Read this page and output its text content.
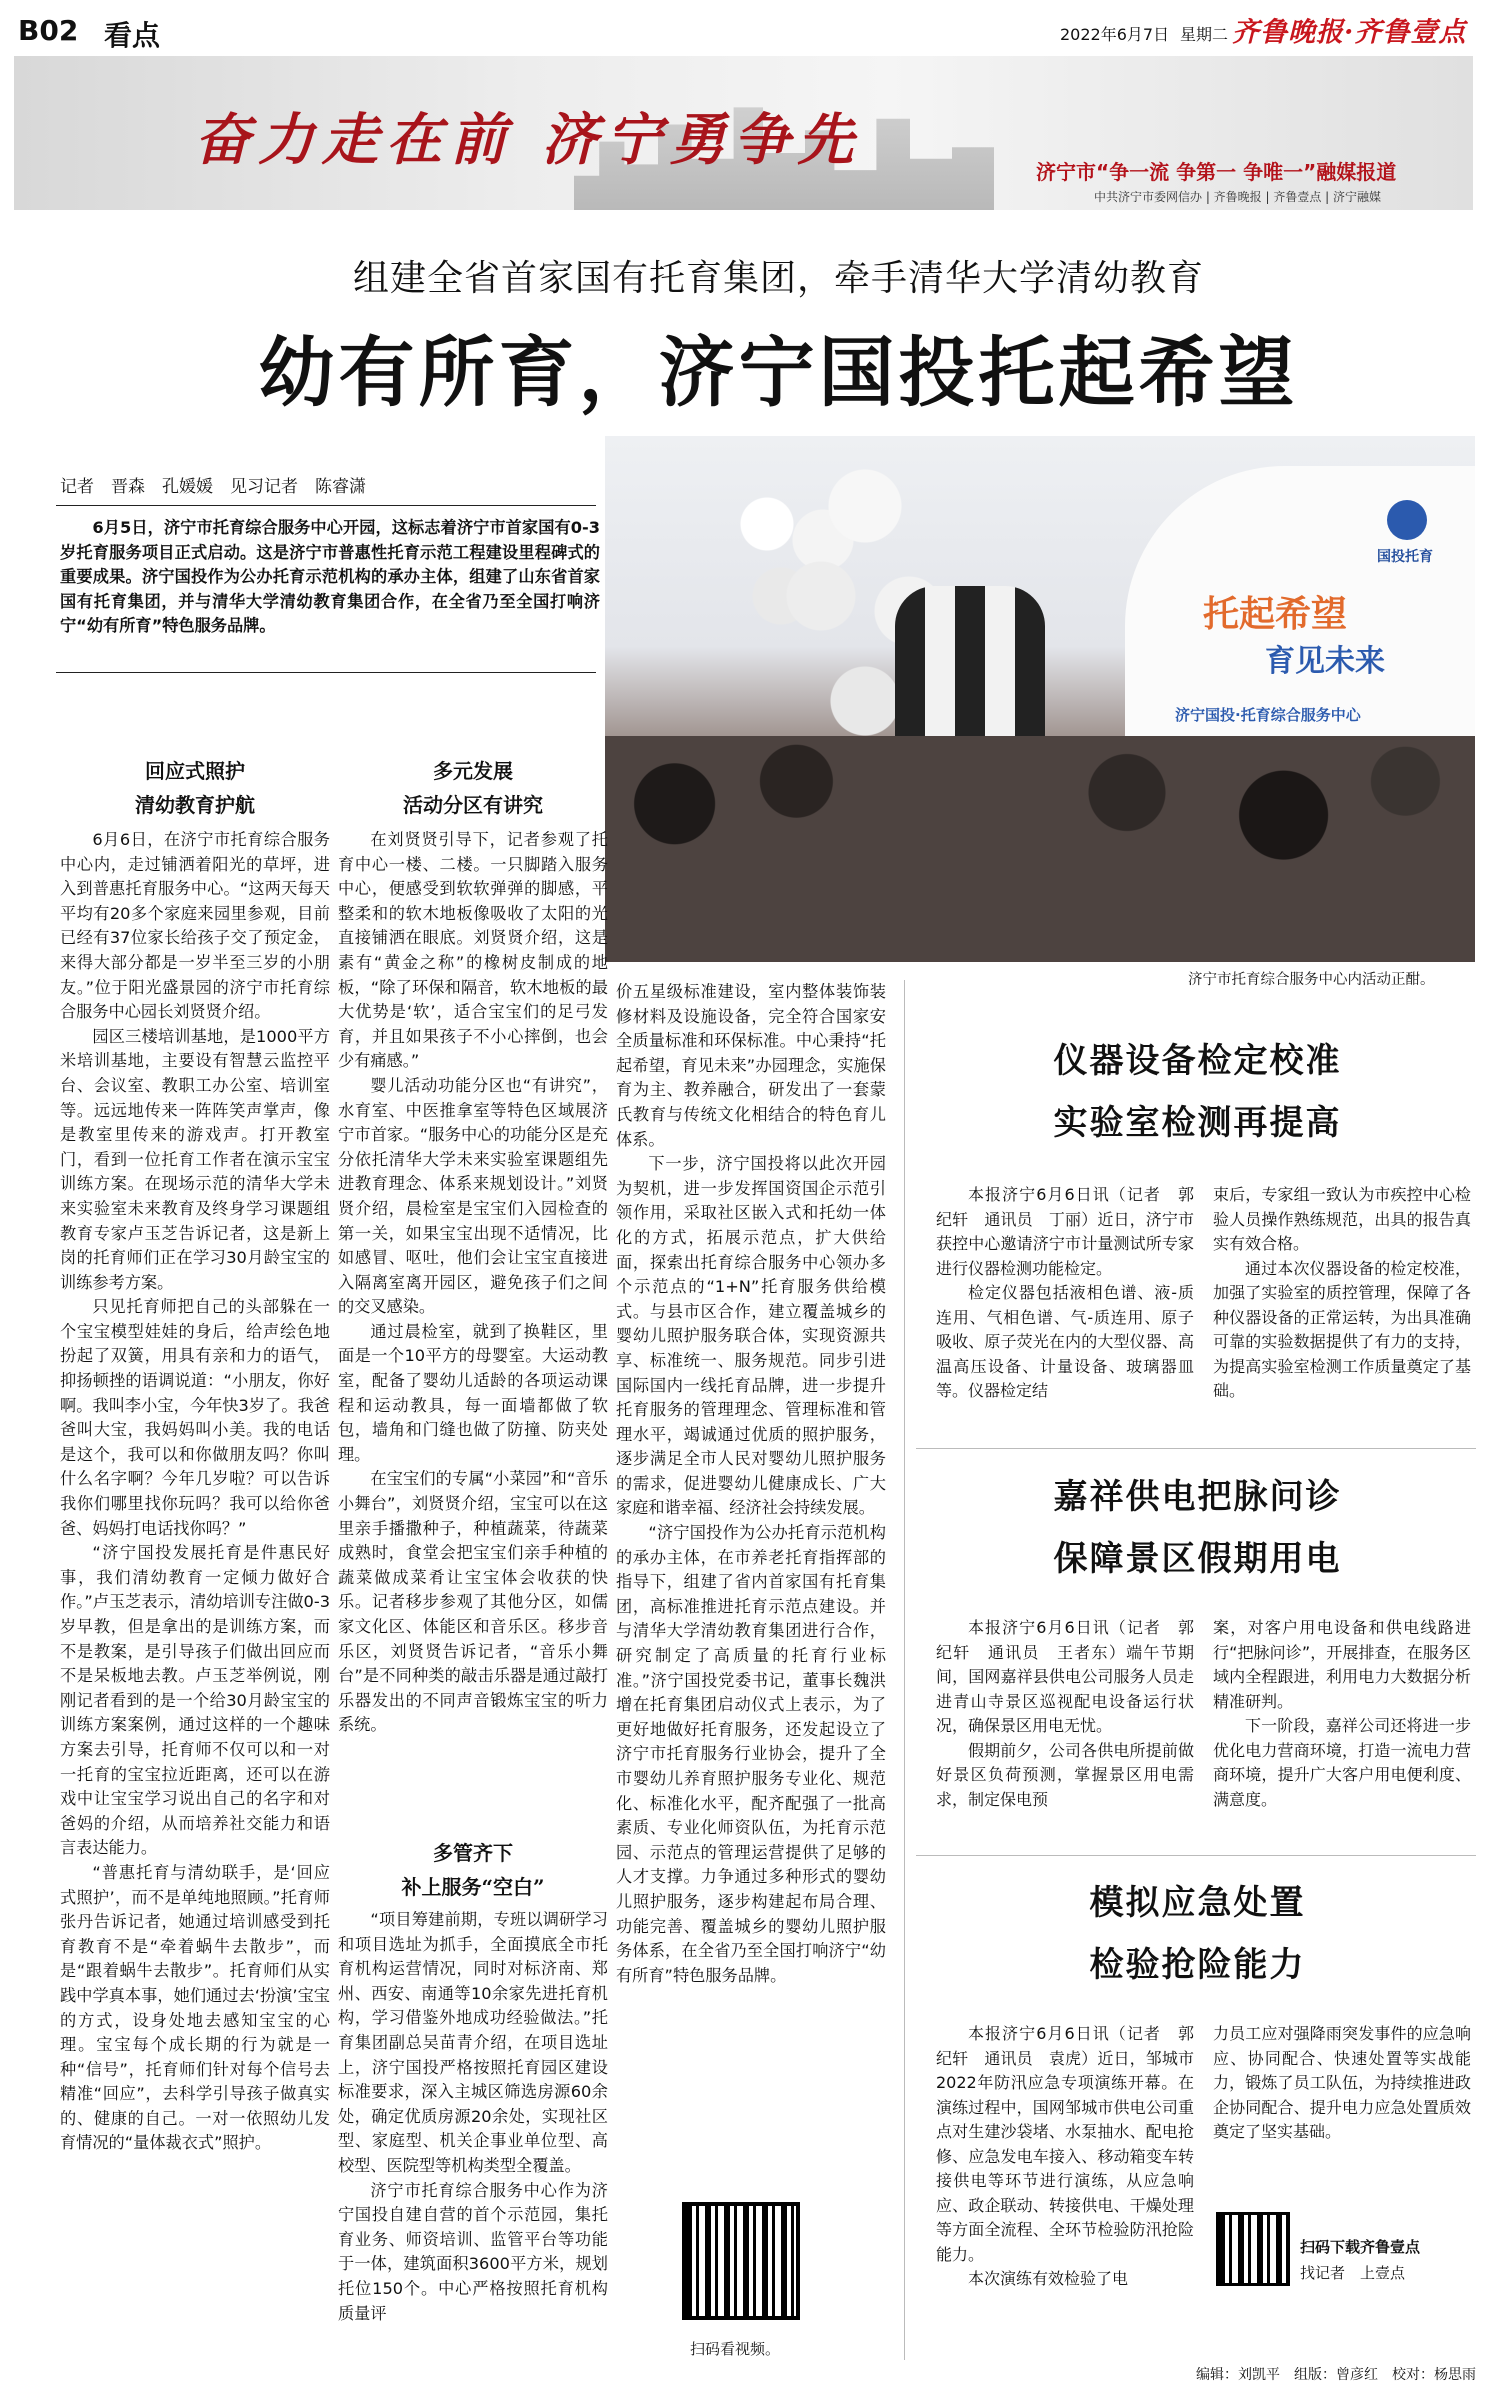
B02 看点	2022年6月7日 星期二 齐鲁晚报·齐鲁壹点
奋力走在前 济宁勇争先	济宁市“争一流 争第一 争唯一”融媒报道
中共济宁市委网信办 | 齐鲁晚报 | 齐鲁壹点 | 济宁融媒
组建全省首家国有托育集团，牵手清华大学清幼教育
幼有所育，济宁国投托起希望
记者　晋森　孔媛媛　见习记者　陈睿潇
6月5日，济宁市托育综合服务中心开园，这标志着济宁市首家国有0-3岁托育服务项目正式启动。这是济宁市普惠性托育示范工程建设里程碑式的重要成果。济宁国投作为公办托育示范机构的承办主体，组建了山东省首家国有托育集团，并与清华大学清幼教育集团合作，在全省乃至全国打响济宁“幼有所育”特色服务品牌。
国投托育
托起希望
育见未来
济宁国投·托育综合服务中心
济宁市托育综合服务中心内活动正酣。
回应式照护
清幼教育护航

6月6日，在济宁市托育综合服务中心内，走过铺洒着阳光的草坪，进入到普惠托育服务中心。“这两天每天平均有20多个家庭来园里参观，目前已经有37位家长给孩子交了预定金，来得大部分都是一岁半至三岁的小朋友。”位于阳光盛景园的济宁市托育综合服务中心园长刘贤贤介绍。

园区三楼培训基地，是1000平方米培训基地，主要设有智慧云监控平台、会议室、教职工办公室、培训室等。远远地传来一阵阵笑声掌声，像是教室里传来的游戏声。打开教室门，看到一位托育工作者在演示宝宝训练方案。在现场示范的清华大学未来实验室未来教育及终身学习课题组教育专家卢玉芝告诉记者，这是新上岗的托育师们正在学习30月龄宝宝的训练参考方案。

只见托育师把自己的头部躲在一个宝宝模型娃娃的身后，给声绘色地扮起了双簧，用具有亲和力的语气，抑扬顿挫的语调说道：“小朋友，你好啊。我叫李小宝，今年快3岁了。我爸爸叫大宝，我妈妈叫小美。我的电话是这个，我可以和你做朋友吗？你叫什么名字啊？今年几岁啦？可以告诉我你们哪里找你玩吗？我可以给你爸爸、妈妈打电话找你吗？”

“济宁国投发展托育是件惠民好事，我们清幼教育一定倾力做好合作。”卢玉芝表示，清幼培训专注做0-3岁早教，但是拿出的是训练方案，而不是教案，是引导孩子们做出回应而不是呆板地去教。卢玉芝举例说，刚刚记者看到的是一个给30月龄宝宝的训练方案案例，通过这样的一个趣味方案去引导，托育师不仅可以和一对一托育的宝宝拉近距离，还可以在游戏中让宝宝学习说出自己的名字和对爸妈的介绍，从而培养社交能力和语言表达能力。

“普惠托育与清幼联手，是‘回应式照护’，而不是单纯地照顾。”托育师张丹告诉记者，她通过培训感受到托育教育不是“牵着蜗牛去散步”，而是“跟着蜗牛去散步”。托育师们从实践中学真本事，她们通过去‘扮演’宝宝的方式，设身处地去感知宝宝的心理。宝宝每个成长期的行为就是一种“信号”，托育师们针对每个信号去精准“回应”，去科学引导孩子做真实的、健康的自己。一对一依照幼儿发育情况的“量体裁衣式”照护。

多元发展
活动分区有讲究

在刘贤贤引导下，记者参观了托育中心一楼、二楼。一只脚踏入服务中心，便感受到软软弹弹的脚感，平整柔和的软木地板像吸收了太阳的光直接铺洒在眼底。刘贤贤介绍，这是素有“黄金之称”的橡树皮制成的地板，“除了环保和隔音，软木地板的最大优势是‘软’，适合宝宝们的足弓发育，并且如果孩子不小心摔倒，也会少有痛感。”

婴儿活动功能分区也“有讲究”，水育室、中医推拿室等特色区域展济宁市首家。“服务中心的功能分区是充分依托清华大学未来实验室课题组先进教育理念、体系来规划设计。”刘贤贤介绍，晨检室是宝宝们入园检查的第一关，如果宝宝出现不适情况，比如感冒、呕吐，他们会让宝宝直接进入隔离室离开园区，避免孩子们之间的交叉感染。

通过晨检室，就到了换鞋区，里面是一个10平方的母婴室。大运动教室，配备了婴幼儿适龄的各项运动课程和运动教具，每一面墙都做了软包，墙角和门缝也做了防撞、防夹处理。

在宝宝们的专属“小菜园”和“音乐小舞台”，刘贤贤介绍，宝宝可以在这里亲手播撒种子，种植蔬菜，待蔬菜成熟时，食堂会把宝宝们亲手种植的蔬菜做成菜肴让宝宝体会收获的快乐。记者移步参观了其他分区，如儒家文化区、体能区和音乐区。移步音乐区，刘贤贤告诉记者，“音乐小舞台”是不同种类的敲击乐器是通过敲打乐器发出的不同声音锻炼宝宝的听力系统。

多管齐下
补上服务“空白”

“项目筹建前期，专班以调研学习和项目选址为抓手，全面摸底全市托育机构运营情况，同时对标济南、郑州、西安、南通等10余家先进托育机构，学习借鉴外地成功经验做法。”托育集团副总吴苗青介绍，在项目选址上，济宁国投严格按照托育园区建设标准要求，深入主城区筛选房源60余处，确定优质房源20余处，实现社区型、家庭型、机关企事业单位型、高校型、医院型等机构类型全覆盖。

济宁市托育综合服务中心作为济宁国投自建自营的首个示范园，集托育业务、师资培训、监管平台等功能于一体，建筑面积3600平方米，规划托位150个。中心严格按照托育机构质量评

价五星级标准建设，室内整体装饰装修材料及设施设备，完全符合国家安全质量标准和环保标准。中心秉持“托起希望，育见未来”办园理念，实施保育为主、教养融合，研发出了一套蒙氏教育与传统文化相结合的特色育儿体系。

下一步，济宁国投将以此次开园为契机，进一步发挥国资国企示范引领作用，采取社区嵌入式和托幼一体化的方式，拓展示范点，扩大供给面，探索出托育综合服务中心领办多个示范点的“1+N”托育服务供给模式。与县市区合作，建立覆盖城乡的婴幼儿照护服务联合体，实现资源共享、标准统一、服务规范。同步引进国际国内一线托育品牌，进一步提升托育服务的管理理念、管理标准和管理水平，竭诚通过优质的照护服务，逐步满足全市人民对婴幼儿照护服务的需求，促进婴幼儿健康成长、广大家庭和谐幸福、经济社会持续发展。

“济宁国投作为公办托育示范机构的承办主体，在市养老托育指挥部的指导下，组建了省内首家国有托育集团，高标准推进托育示范点建设。并与清华大学清幼教育集团进行合作，研究制定了高质量的托育行业标准。”济宁国投党委书记，董事长魏洪增在托育集团启动仪式上表示，为了更好地做好托育服务，还发起设立了济宁市托育服务行业协会，提升了全市婴幼儿养育照护服务专业化、规范化、标准化水平，配齐配强了一批高素质、专业化师资队伍，为托育示范园、示范点的管理运营提供了足够的人才支撑。力争通过多种形式的婴幼儿照护服务，逐步构建起布局合理、功能完善、覆盖城乡的婴幼儿照护服务体系，在全省乃至全国打响济宁“幼有所育”特色服务品牌。

扫码看视频。
仪器设备检定校准
实验室检测再提高

本报济宁6月6日讯（记者　郭纪轩　通讯员　丁丽）近日，济宁市获控中心邀请济宁市计量测试所专家进行仪器检测功能检定。

检定仪器包括液相色谱、液-质连用、气相色谱、气-质连用、原子吸收、原子荧光在内的大型仪器、高温高压设备、计量设备、玻璃器皿等。仪器检定结

束后，专家组一致认为市疾控中心检验人员操作熟练规范，出具的报告真实有效合格。

通过本次仪器设备的检定校准，加强了实验室的质控管理，保障了各种仪器设备的正常运转，为出具准确可靠的实验数据提供了有力的支持，为提高实验室检测工作质量奠定了基础。

嘉祥供电把脉问诊
保障景区假期用电

本报济宁6月6日讯（记者　郭纪轩　通讯员　王者东）端午节期间，国网嘉祥县供电公司服务人员走进青山寺景区巡视配电设备运行状况，确保景区用电无忧。

假期前夕，公司各供电所提前做好景区负荷预测，掌握景区用电需求，制定保电预

案，对客户用电设备和供电线路进行“把脉问诊”，开展排查，在服务区域内全程跟进，利用电力大数据分析精准研判。

下一阶段，嘉祥公司还将进一步优化电力营商环境，打造一流电力营商环境，提升广大客户用电便利度、满意度。

模拟应急处置
检验抢险能力

本报济宁6月6日讯（记者　郭纪轩　通讯员　袁虎）近日，邹城市2022年防汛应急专项演练开幕。在演练过程中，国网邹城市供电公司重点对生建沙袋堵、水泵抽水、配电抢修、应急发电车接入、移动箱变车转接供电等环节进行演练，从应急响应、政企联动、转接供电、干燥处理等方面全流程、全环节检验防汛抢险能力。

本次演练有效检验了电

力员工应对强降雨突发事件的应急响应、协同配合、快速处置等实战能力，锻炼了员工队伍，为持续推进政企协同配合、提升电力应急处置质效奠定了坚实基础。

扫码下载齐鲁壹点
找记者　上壹点
编辑：刘凯平　组版：曾彦红　校对：杨思雨
